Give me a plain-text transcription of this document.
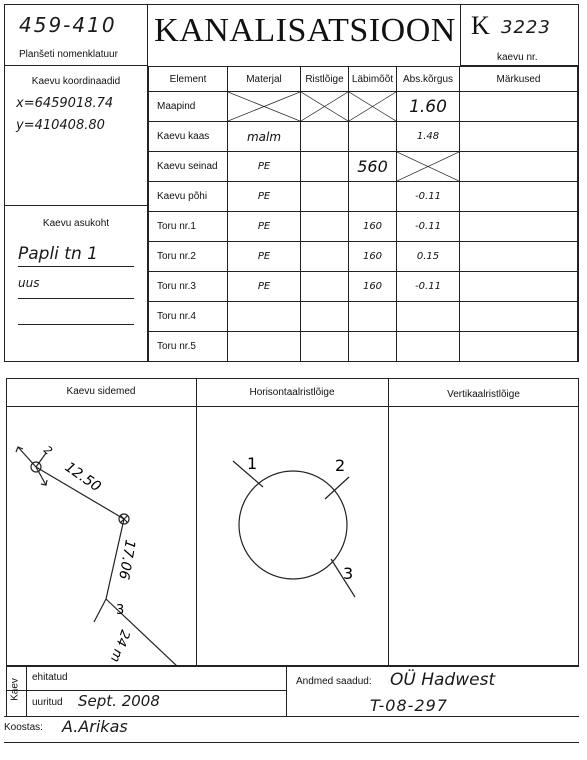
459-410
Planšeti nomenklatuur
KANALISATSIOON K 3223
kaevu nr.
Kaevu koordinaadid
x=6459018.74
y=410408.80
Kaevu asukoht
Papli tn 1
uus
Element	Materjal	Ristlõige	Läbimõõt	Abs.kõrgus	Märkused
Maapind				1.60	
Kaevu kaas	malm			1.48	
Kaevu seinad	PE		560	

Kaevu põhi	PE			-0.11	
Toru nr.1	PE		160	-0.11	
Toru nr.2	PE		160	0.15	
Toru nr.3	PE		160	-0.11	
Toru nr.4					
Toru nr.5					
Kaevu sidemed	Horisontaalristlõige	Vertikaalristlõige
2
12.50
17.06
3
24 m
1	2
3
Kaev
ehitatud
uuritud Sept. 2008
Andmed saadud: OÜ Hadwest
T-08-297
Koostas: A.Arikas
